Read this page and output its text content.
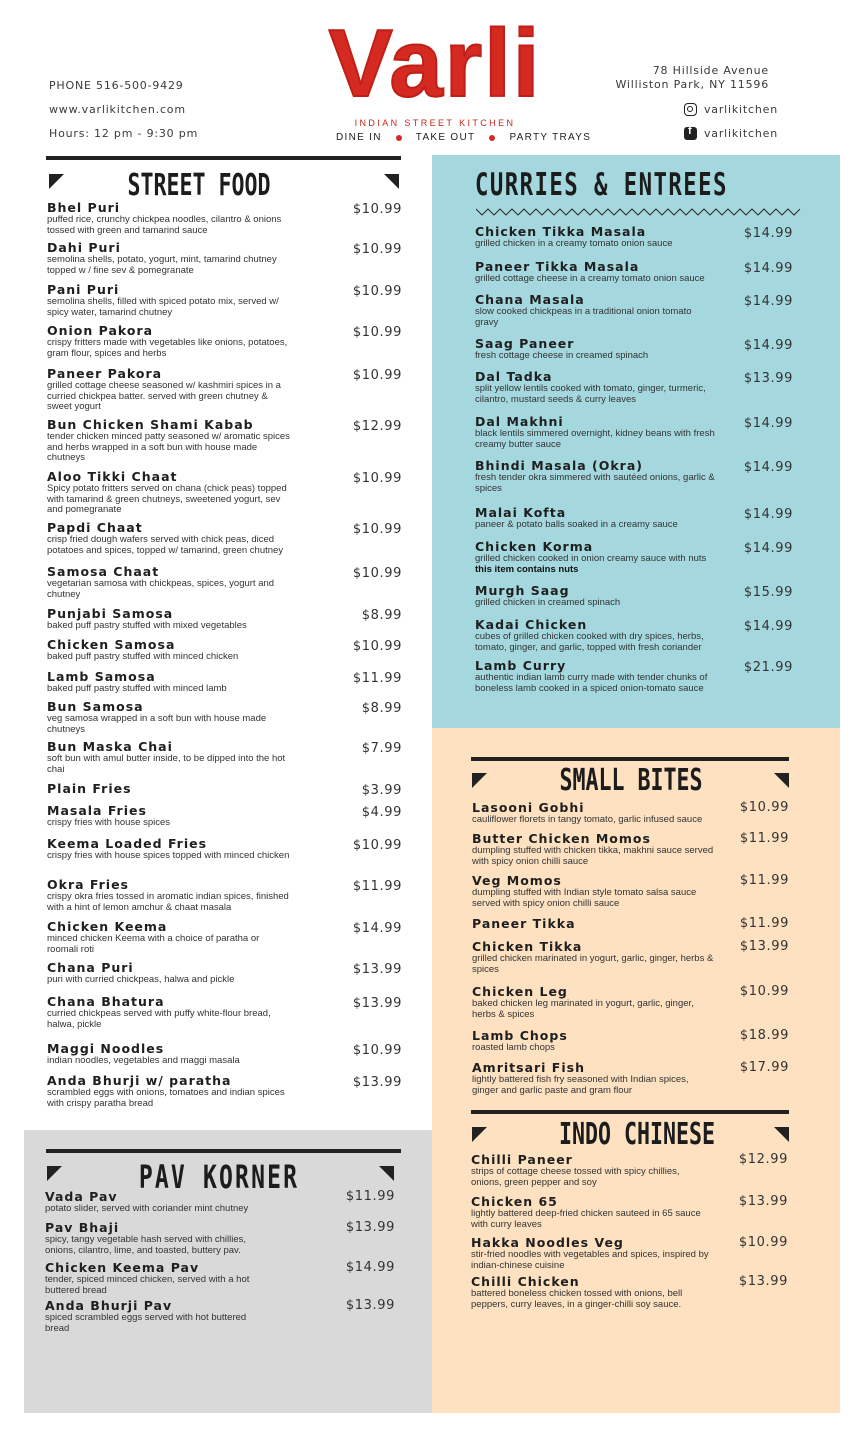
PHONE 516-500-9429
www.varlikitchen.com
Hours: 12 pm - 9:30 pm
Varli
INDIAN STREET KITCHEN
DINE IN	TAKE OUT	PARTY TRAYS
78 Hillside Avenue
Williston Park, NY 11596
varlikitchen
f
varlikitchen
STREET FOOD
Bhel Puri
puffed rice, crunchy chickpea noodles, cilantro & onions tossed with green and tamarind sauce
$10.99
Dahi Puri
semolina shells, potato, yogurt, mint, tamarind chutney topped w / fine sev & pomegranate
$10.99
Pani Puri
semolina shells, filled with spiced potato mix, served w/ spicy water, tamarind chutney
$10.99
Onion Pakora
crispy fritters made with vegetables like onions, potatoes, gram flour, spices and herbs
$10.99
Paneer Pakora
grilled cottage cheese seasoned w/ kashmiri spices in a curried chickpea batter. served with green chutney & sweet yogurt
$10.99
Bun Chicken Shami Kabab
tender chicken minced patty seasoned w/ aromatic spices and herbs wrapped in a soft bun with house made chutneys
$12.99
Aloo Tikki Chaat
Spicy potato fritters served on chana (chick peas) topped with tamarind & green chutneys, sweetened yogurt, sev and pomegranate
$10.99
Papdi Chaat
crisp fried dough wafers served with chick peas, diced potatoes and spices, topped w/ tamarind, green chutney
$10.99
Samosa Chaat
vegetarian samosa with chickpeas, spices, yogurt and chutney
$10.99
Punjabi Samosa
baked puff pastry stuffed with mixed vegetables
$8.99
Chicken Samosa
baked puff pastry stuffed with minced chicken
$10.99
Lamb Samosa
baked puff pastry stuffed with minced lamb
$11.99
Bun Samosa
veg samosa wrapped in a soft bun with house made chutneys
$8.99
Bun Maska Chai
soft bun with amul butter inside, to be dipped into the hot chai
$7.99
Plain Fries	$3.99
Masala Fries
crispy fries with house spices
$4.99
Keema Loaded Fries
crispy fries with house spices topped with minced chicken
$10.99
Okra Fries
crispy okra fries tossed in aromatic indian spices, finished with a hint of lemon amchur & chaat masala
$11.99
Chicken Keema
minced chicken Keema with a choice of paratha or roomali roti
$14.99
Chana Puri
puri with curried chickpeas, halwa and pickle
$13.99
Chana Bhatura
curried chickpeas served with puffy white-flour bread, halwa, pickle
$13.99
Maggi Noodles
indian noodles, vegetables and maggi masala
$10.99
Anda Bhurji w/ paratha
scrambled eggs with onions, tomatoes and indian spices with crispy paratha bread
$13.99
PAV KORNER
Vada Pav
potato slider, served with coriander mint chutney
$11.99
Pav Bhaji
spicy, tangy vegetable hash served with chillies, onions, cilantro, lime, and toasted, buttery pav.
$13.99
Chicken Keema Pav
tender, spiced minced chicken, served with a hot buttered bread
$14.99
Anda Bhurji Pav
spiced scrambled eggs served with hot buttered bread
$13.99
CURRIES & ENTREES
Chicken Tikka Masala
grilled chicken in a creamy tomato onion sauce
$14.99
Paneer Tikka Masala
grilled cottage cheese in a creamy tomato onion sauce
$14.99
Chana Masala
slow cooked chickpeas in a traditional onion tomato gravy
$14.99
Saag Paneer
fresh cottage cheese in creamed spinach
$14.99
Dal Tadka
split yellow lentils cooked with tomato, ginger, turmeric, cilantro, mustard seeds & curry leaves
$13.99
Dal Makhni
black lentils simmered overnight, kidney beans with fresh creamy butter sauce
$14.99
Bhindi Masala (Okra)
fresh tender okra simmered with sautéed onions, garlic & spices
$14.99
Malai Kofta
paneer & potato balls soaked in a creamy sauce
$14.99
Chicken Korma
grilled chicken cooked in onion creamy sauce with nuts
this item contains nuts
$14.99
Murgh Saag
grilled chicken in creamed spinach
$15.99
Kadai Chicken
cubes of grilled chicken cooked with dry spices, herbs, tomato, ginger, and garlic, topped with fresh coriander
$14.99
Lamb Curry
authentic indian lamb curry made with tender chunks of boneless lamb cooked in a spiced onion-tomato sauce
$21.99
SMALL BITES
Lasooni Gobhi
cauliflower florets in tangy tomato, garlic infused sauce
$10.99
Butter Chicken Momos
dumpling stuffed with chicken tikka, makhni sauce served with spicy onion chilli sauce
$11.99
Veg Momos
dumpling stuffed with Indian style tomato salsa sauce served with spicy onion chilli sauce
$11.99
Paneer Tikka	$11.99
Chicken Tikka
grilled chicken marinated in yogurt, garlic, ginger, herbs & spices
$13.99
Chicken Leg
baked chicken leg marinated in yogurt, garlic, ginger, herbs & spices
$10.99
Lamb Chops
roasted lamb chops
$18.99
Amritsari Fish
lightly battered fish fry seasoned with Indian spices, ginger and garlic paste and gram flour
$17.99
INDO CHINESE
Chilli Paneer
strips of cottage cheese tossed with spicy chillies, onions, green pepper and soy
$12.99
Chicken 65
lightly battered deep-fried chicken sauteed in 65 sauce with curry leaves
$13.99
Hakka Noodles Veg
stir-fried noodles with vegetables and spices, inspired by indian-chinese cuisine
$10.99
Chilli Chicken
battered boneless chicken tossed with onions, bell peppers, curry leaves, in a ginger-chilli soy sauce.
$13.99
